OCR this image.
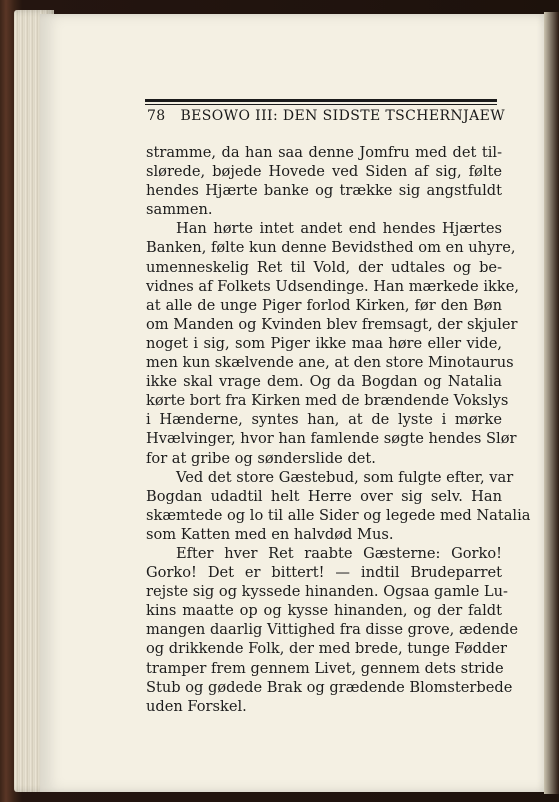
78 BESOWO III: DEN SIDSTE TSCHERNJAEW
stramme, da han saa denne Jomfru med det til-
slørede, bøjede Hovede ved Siden af sig, følte
hendes Hjærte banke og trække sig angstfuldt
sammen.
Han hørte intet andet end hendes Hjærtes
Banken, følte kun denne Bevidsthed om en uhyre,
umenneskelig Ret til Vold, der udtales og be-
vidnes af Folkets Udsendinge. Han mærkede ikke,
at alle de unge Piger forlod Kirken, før den Bøn
om Manden og Kvinden blev fremsagt, der skjuler
noget i sig, som Piger ikke maa høre eller vide,
men kun skælvende ane, at den store Minotaurus
ikke skal vrage dem. Og da Bogdan og Natalia
kørte bort fra Kirken med de brændende Vokslys
i Hænderne, syntes han, at de lyste i mørke
Hvælvinger, hvor han famlende søgte hendes Slør
for at gribe og sønderslide det.
Ved det store Gæstebud, som fulgte efter, var
Bogdan udadtil helt Herre over sig selv. Han
skæmtede og lo til alle Sider og legede med Natalia
som Katten med en halvdød Mus.
Efter hver Ret raabte Gæsterne: Gorko!
Gorko! Det er bittert! — indtil Brudeparret
rejste sig og kyssede hinanden. Ogsaa gamle Lu-
kins maatte op og kysse hinanden, og der faldt
mangen daarlig Vittighed fra disse grove, ædende
og drikkende Folk, der med brede, tunge Fødder
tramper frem gennem Livet, gennem dets stride
Stub og gødede Brak og grædende Blomsterbede
uden Forskel.
